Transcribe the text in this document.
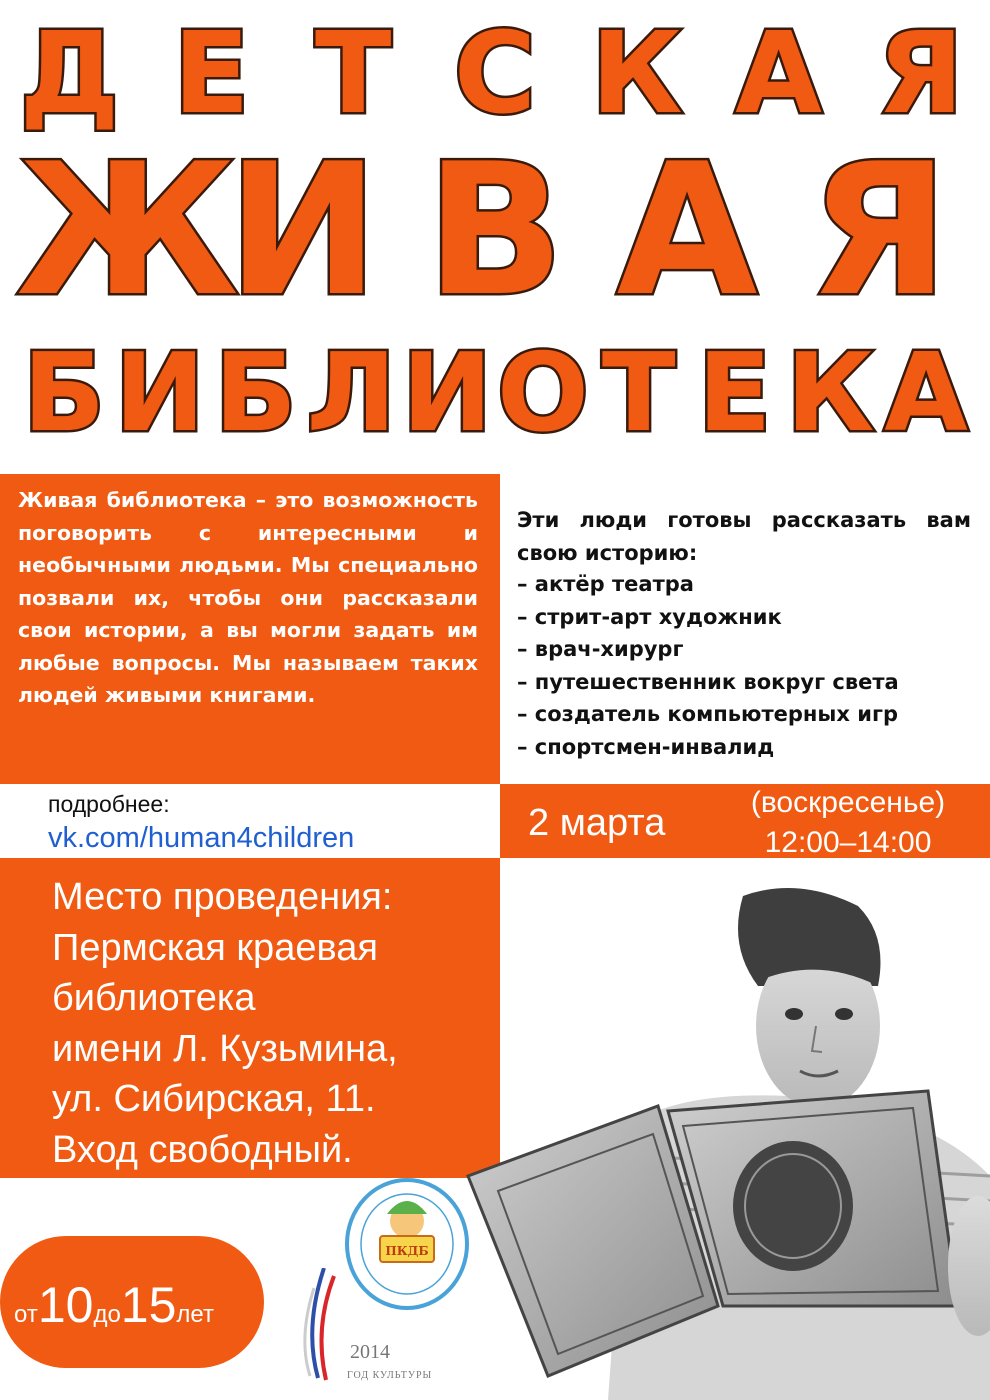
Д Е Т С К А Я
Ж
И В А Я
Б И Б Л И О Т Е К А
Живая библиотека – это возможность поговорить с интересными и необычными людьми. Мы специально позвали их, чтобы они рассказали свои истории, а вы могли задать им любые вопросы. Мы называем таких людей живыми книгами.
Эти люди готовы рассказать вам свою историю:
– актёр театра
– стрит-арт художник
– врач-хирург
– путешественник вокруг света
– создатель компьютерных игр
– спортсмен-инвалид
подробнее:
vk.com/human4children	2 марта	(воскресенье)
12:00–14:00
Место проведения:
Пермская краевая
библиотека
имени Л. Кузьмина,
ул. Сибирская, 11.
Вход свободный.
от10до15лет
ПКДБ
2014
ГОД КУЛЬТУРЫ
